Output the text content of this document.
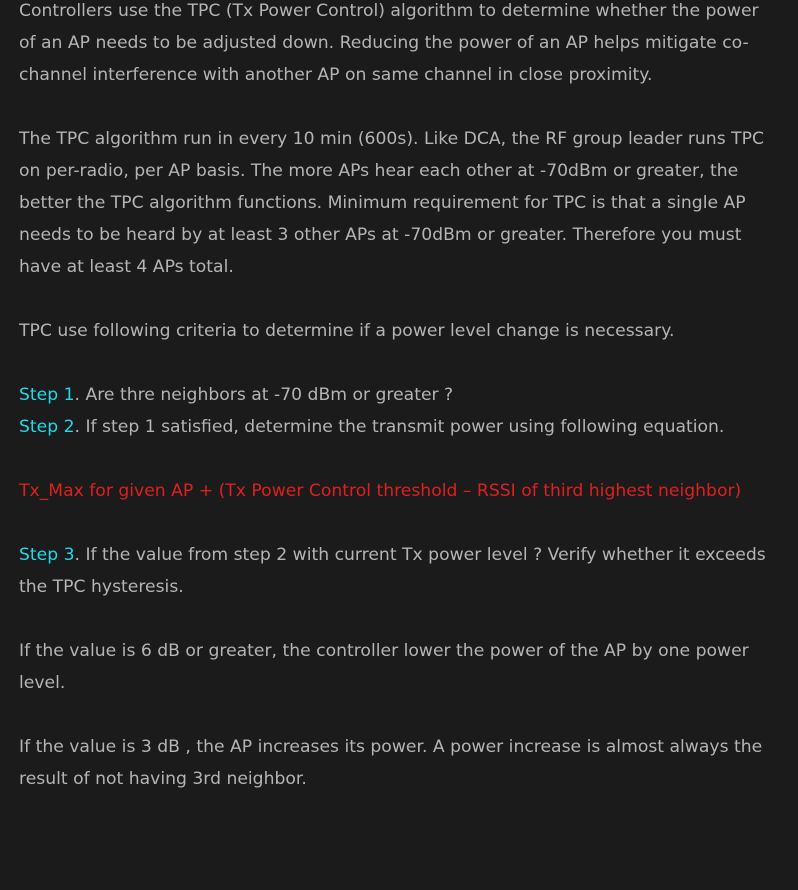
Controllers use the TPC (Tx Power Control) algorithm to determine whether the power of an AP needs to be adjusted down. Reducing the power of an AP helps mitigate co-channel interference with another AP on same channel in close proximity.

The TPC algorithm run in every 10 min (600s). Like DCA, the RF group leader runs TPC on per-radio, per AP basis. The more APs hear each other at -70dBm or greater, the better the TPC algorithm functions. Minimum requirement for TPC is that a single AP needs to be heard by at least 3 other APs at -70dBm or greater. Therefore you must have at least 4 APs total.

TPC use following criteria to determine if a power level change is necessary.

Step 1. Are thre neighbors at -70 dBm or greater ?

Step 2. If step 1 satisfied, determine the transmit power using following equation.

Tx_Max for given AP + (Tx Power Control threshold – RSSI of third highest neighbor)

Step 3. If the value from step 2 with current Tx power level ? Verify whether it exceeds the TPC hysteresis.

If the value is 6 dB or greater, the controller lower the power of the AP by one power level.

If the value is 3 dB , the AP increases its power. A power increase is almost always the result of not having 3rd neighbor.
